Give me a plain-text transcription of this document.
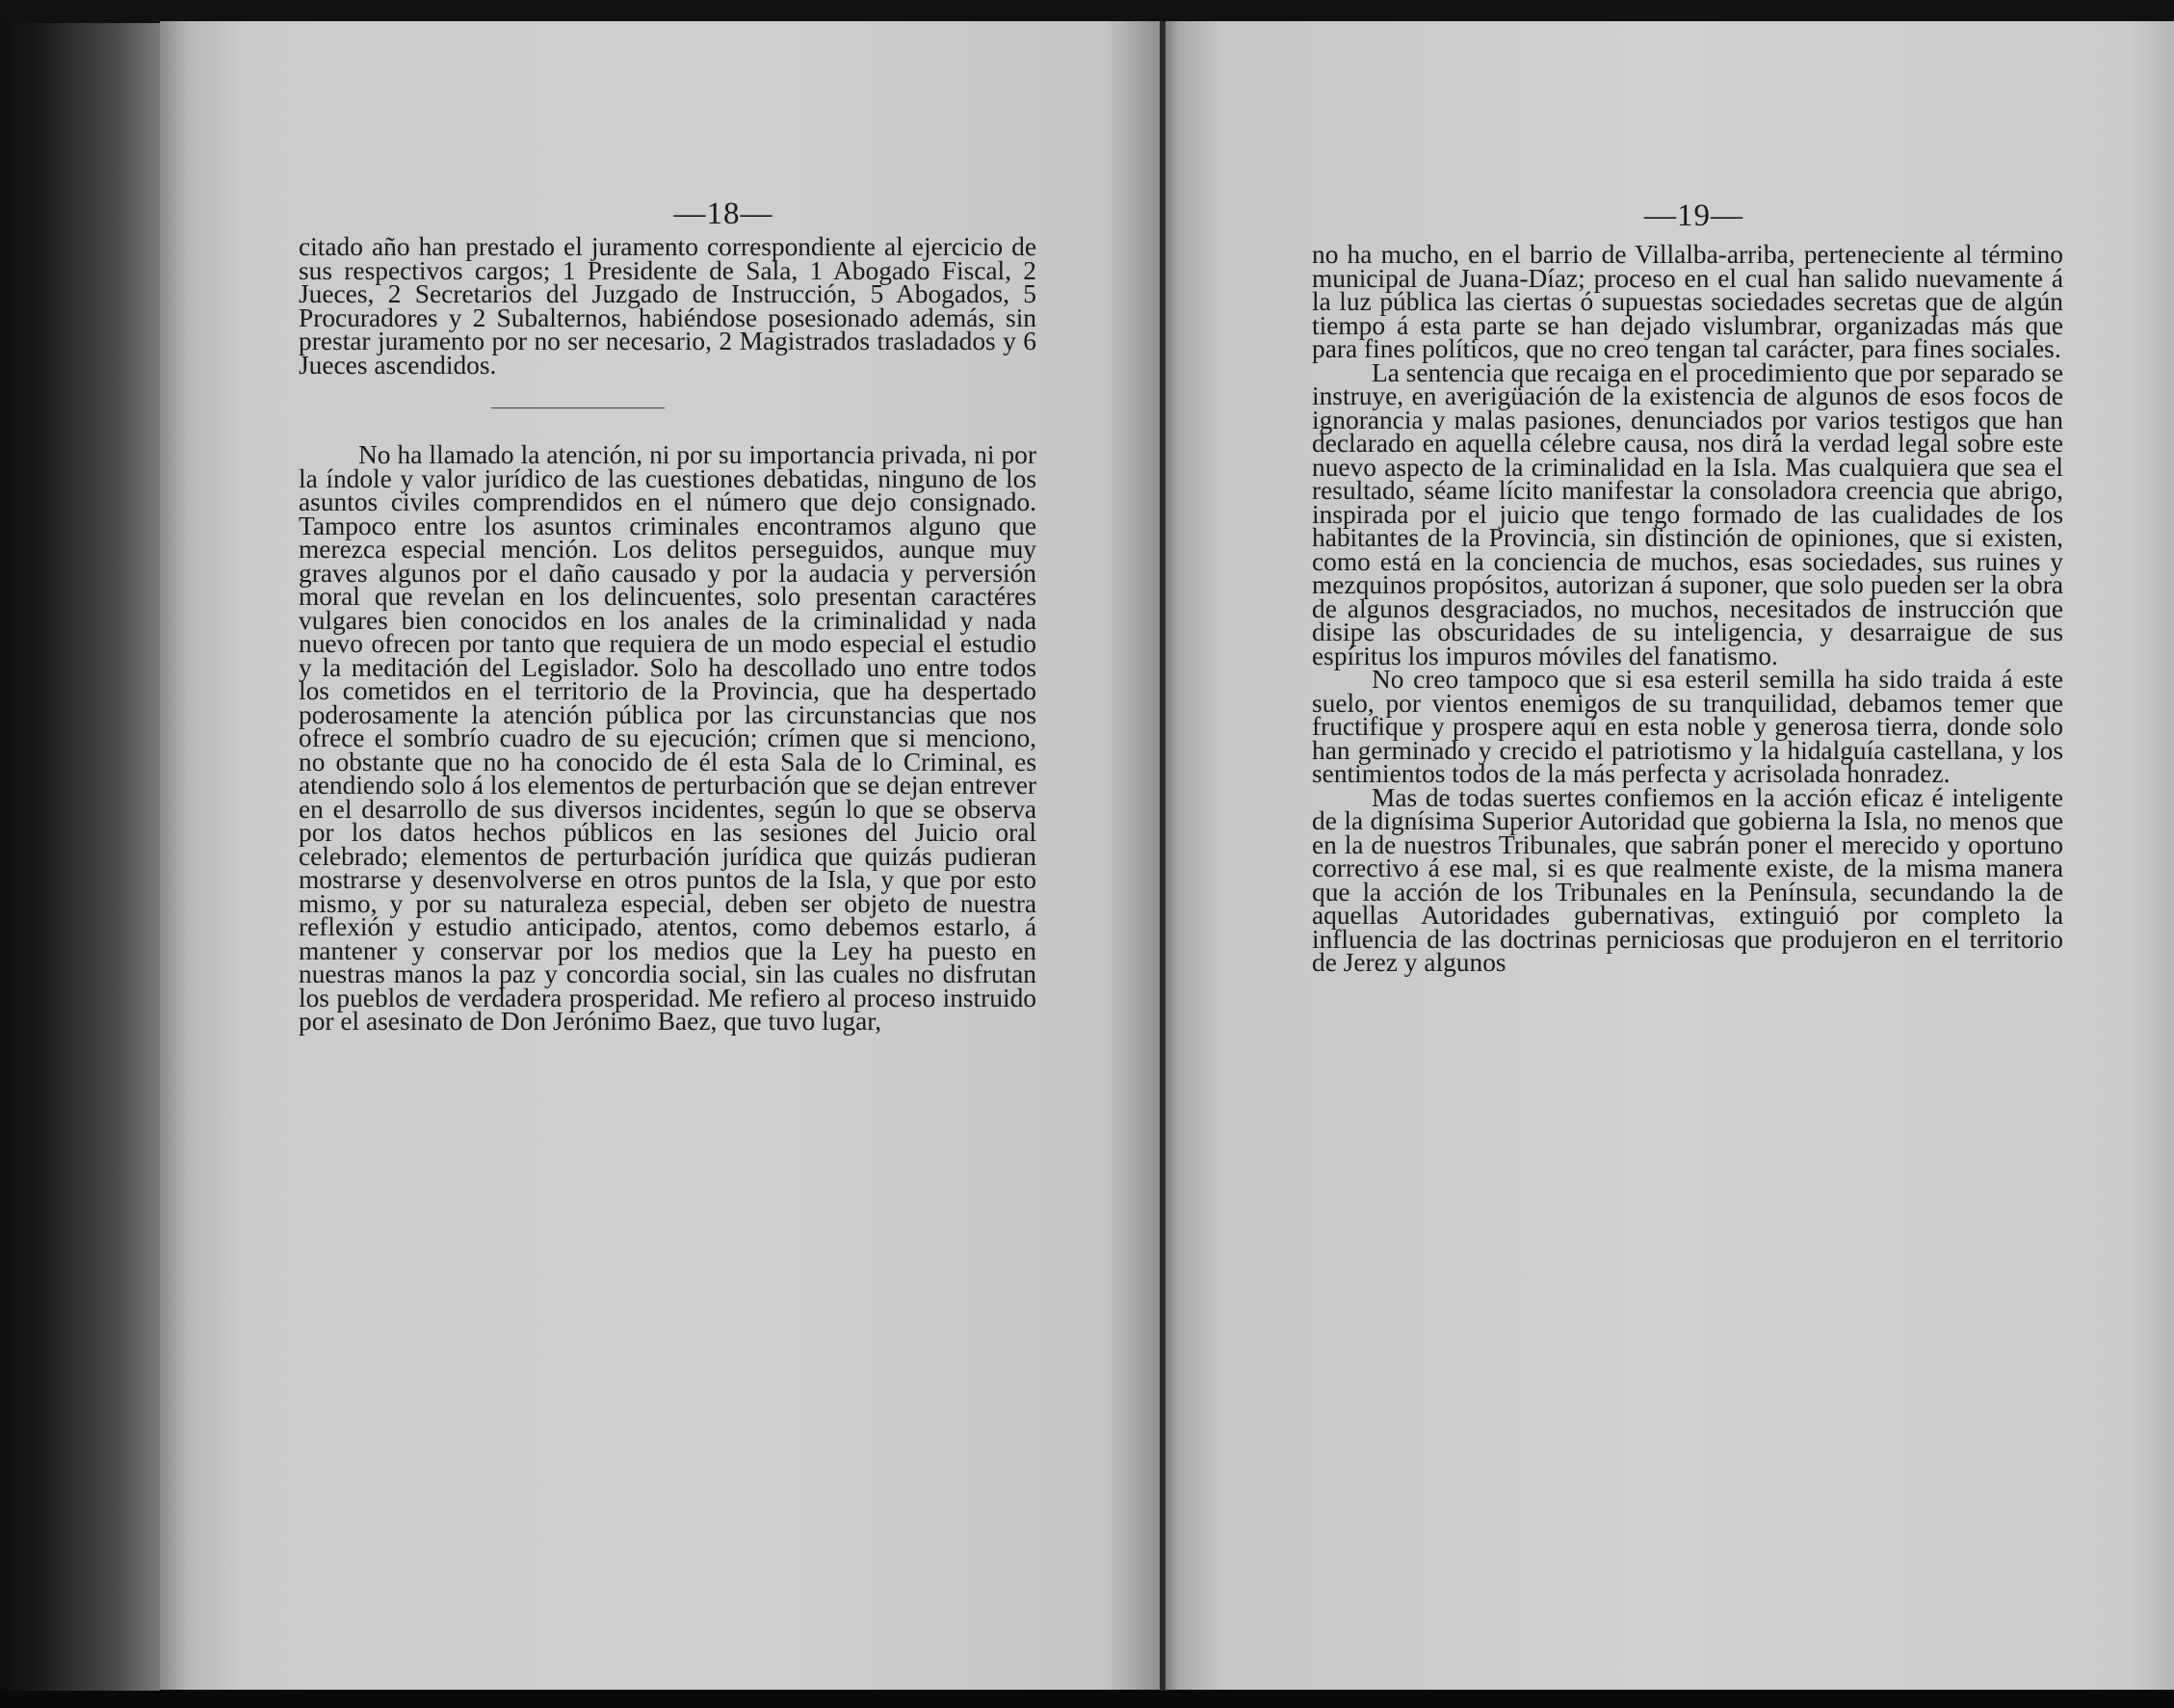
—18—

citado año han prestado el juramento correspondiente al ejercicio de sus respectivos cargos; 1 Presidente de Sala, 1 Abogado Fiscal, 2 Jueces, 2 Secretarios del Juzgado de Instrucción, 5 Abogados, 5 Procuradores y 2 Subalternos, habiéndose posesionado además, sin prestar juramento por no ser necesario, 2 Magistrados trasladados y 6 Jueces ascendidos.

No ha llamado la atención, ni por su importancia privada, ni por la índole y valor jurídico de las cuestiones debatidas, ninguno de los asuntos civiles comprendidos en el número que dejo consignado. Tampoco entre los asuntos criminales encontramos alguno que merezca especial mención. Los delitos perseguidos, aunque muy graves algunos por el daño causado y por la audacia y perversión moral que revelan en los delincuentes, solo presentan caractéres vulgares bien conocidos en los anales de la criminalidad y nada nuevo ofrecen por tanto que requiera de un modo especial el estudio y la meditación del Legislador. Solo ha descollado uno entre todos los cometidos en el territorio de la Provincia, que ha despertado poderosamente la atención pública por las circunstancias que nos ofrece el sombrío cuadro de su ejecución; crímen que si menciono, no obstante que no ha conocido de él esta Sala de lo Criminal, es atendiendo solo á los elementos de perturbación que se dejan entrever en el desarrollo de sus diversos incidentes, según lo que se observa por los datos hechos públicos en las sesiones del Juicio oral celebrado; elementos de perturbación jurídica que quizás pudieran mostrarse y desenvolverse en otros puntos de la Isla, y que por esto mismo, y por su naturaleza especial, deben ser objeto de nuestra reflexión y estudio anticipado, atentos, como debemos estarlo, á mantener y conservar por los medios que la Ley ha puesto en nuestras manos la paz y concordia social, sin las cuales no disfrutan los pueblos de verdadera prosperidad. Me refiero al proceso instruido por el asesinato de Don Jerónimo Baez, que tuvo lugar,

—19—

no ha mucho, en el barrio de Villalba-arriba, perteneciente al término municipal de Juana-Díaz; proceso en el cual han salido nuevamente á la luz pública las ciertas ó supuestas sociedades secretas que de algún tiempo á esta parte se han dejado vislumbrar, organizadas más que para fines políticos, que no creo tengan tal carácter, para fines sociales.

La sentencia que recaiga en el procedimiento que por separado se instruye, en averigüación de la existencia de algunos de esos focos de ignorancia y malas pasiones, denunciados por varios testigos que han declarado en aquella célebre causa, nos dirá la verdad legal sobre este nuevo aspecto de la criminalidad en la Isla. Mas cualquiera que sea el resultado, séame lícito manifestar la consoladora creencia que abrigo, inspirada por el juicio que tengo formado de las cualidades de los habitantes de la Provincia, sin distinción de opiniones, que si existen, como está en la conciencia de muchos, esas sociedades, sus ruines y mezquinos propósitos, autorizan á suponer, que solo pueden ser la obra de algunos desgraciados, no muchos, necesitados de instrucción que disipe las obscuridades de su inteligencia, y desarraigue de sus espíritus los impuros móviles del fanatismo.

No creo tampoco que si esa esteril semilla ha sido traida á este suelo, por vientos enemigos de su tranquilidad, debamos temer que fructifique y prospere aquí en esta noble y generosa tierra, donde solo han germinado y crecido el patriotismo y la hidalguía castellana, y los sentimientos todos de la más perfecta y acrisolada honradez.

Mas de todas suertes confiemos en la acción eficaz é inteligente de la dignísima Superior Autoridad que gobierna la Isla, no menos que en la de nuestros Tribunales, que sabrán poner el merecido y oportuno correctivo á ese mal, si es que realmente existe, de la misma manera que la acción de los Tribunales en la Península, secundando la de aquellas Autoridades gubernativas, extinguió por completo la influencia de las doctrinas perniciosas que produjeron en el territorio de Jerez y algunos
